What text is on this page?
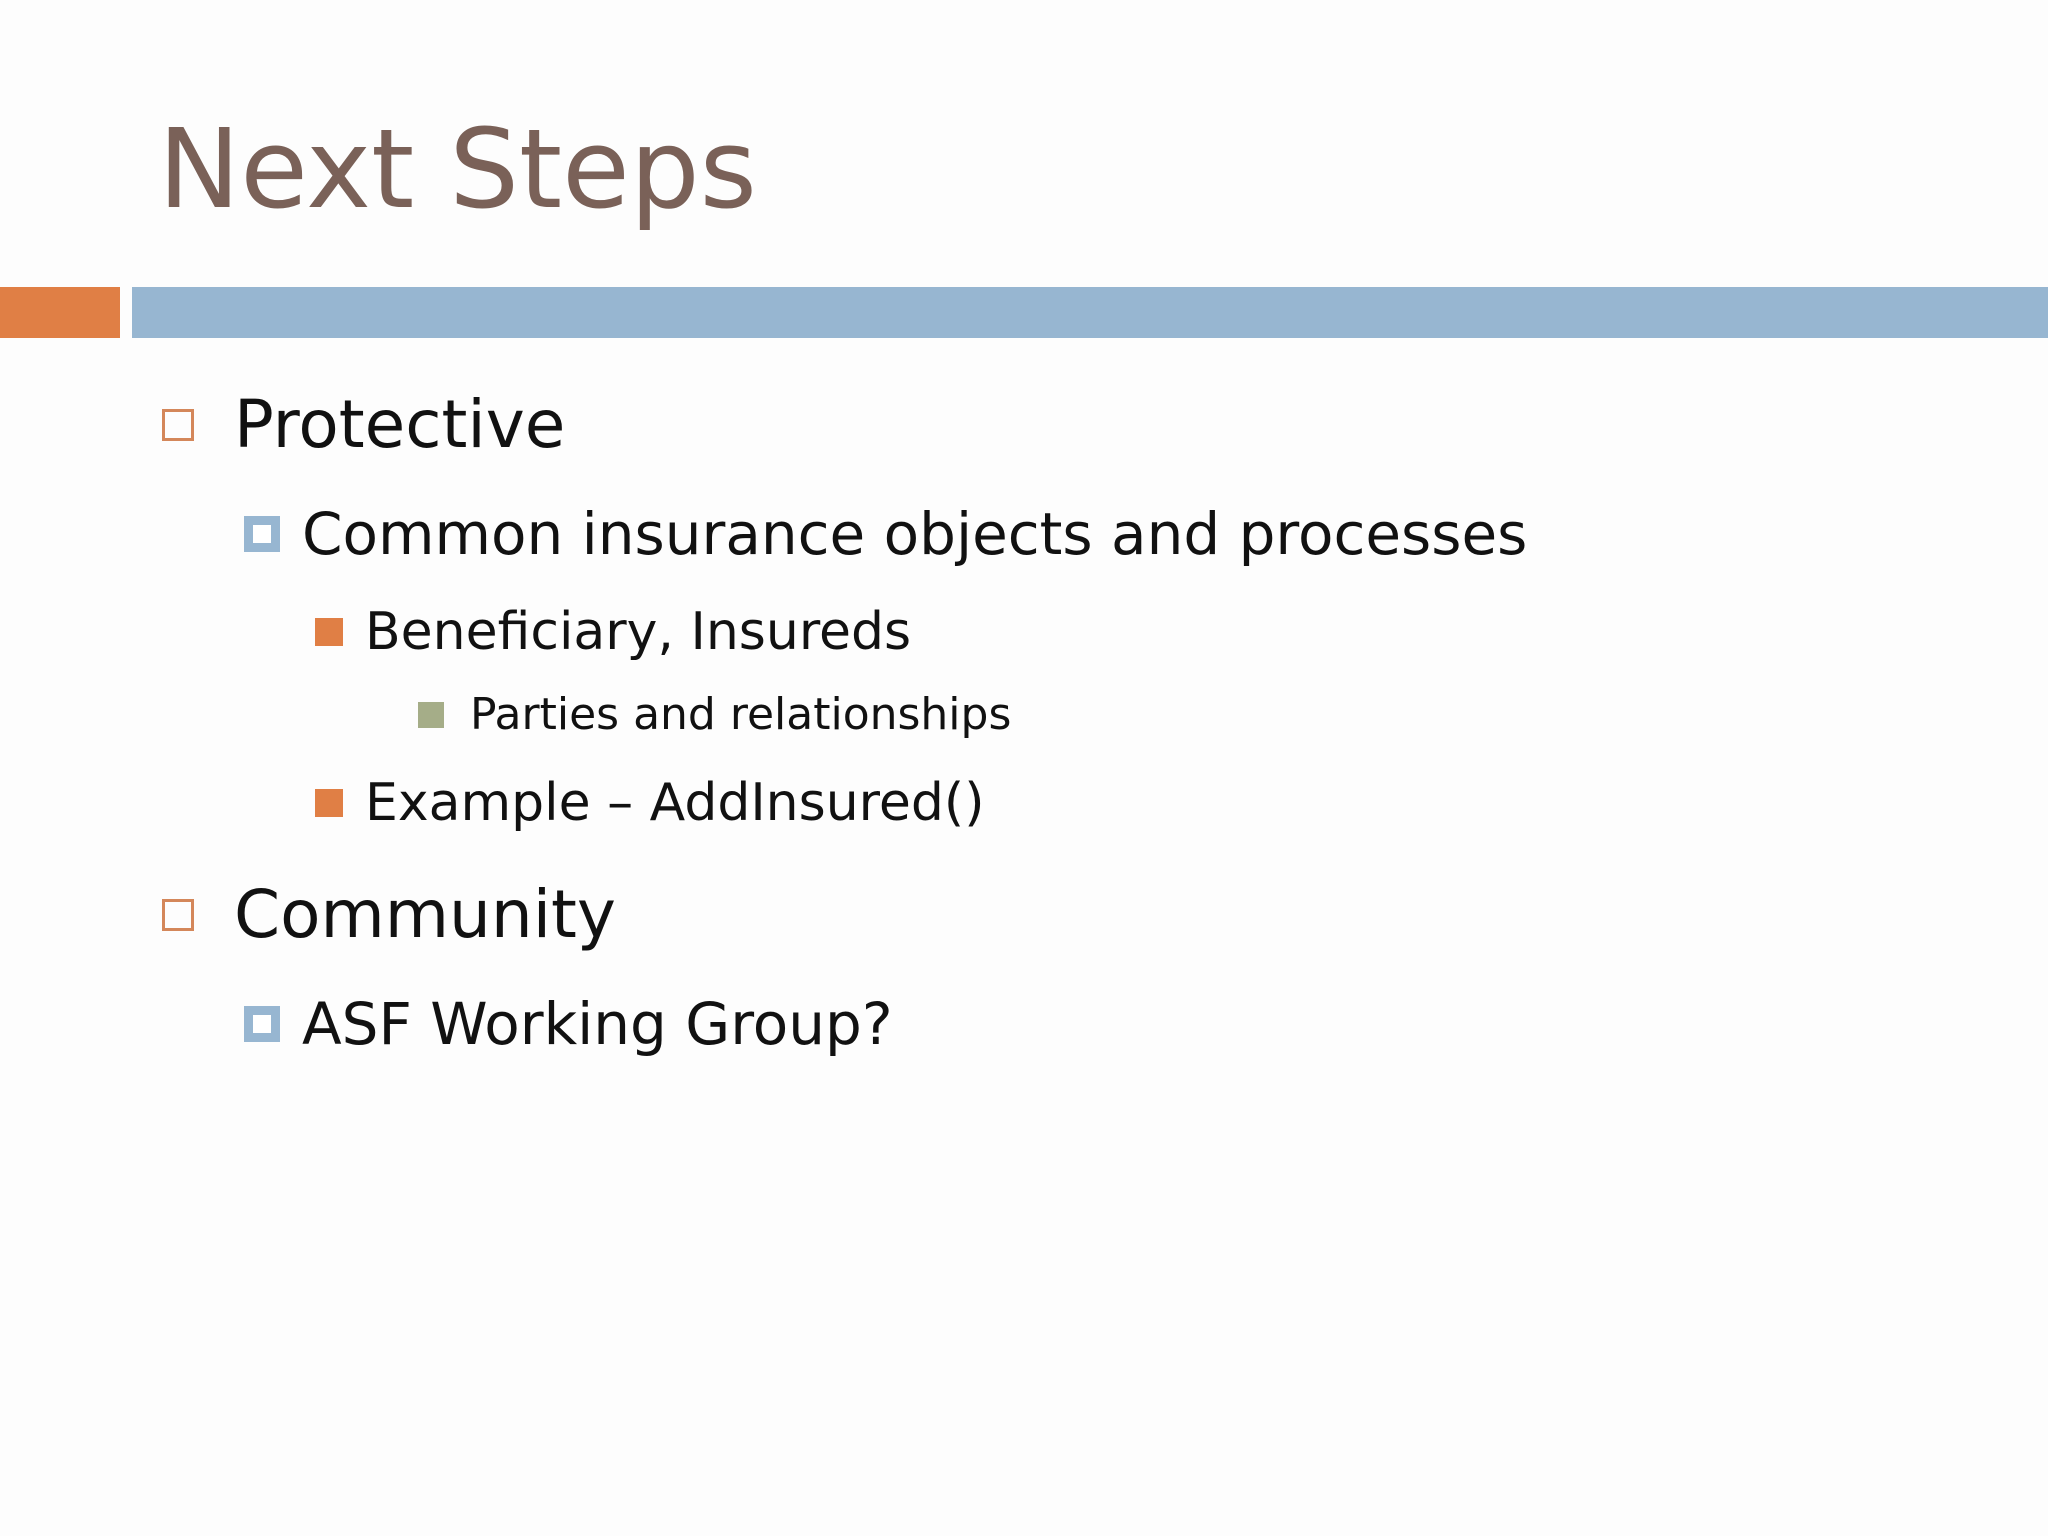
Next Steps
Protective
Common insurance objects and processes
Beneficiary, Insureds
Parties and relationships
Example – AddInsured()
Community
ASF Working Group?
